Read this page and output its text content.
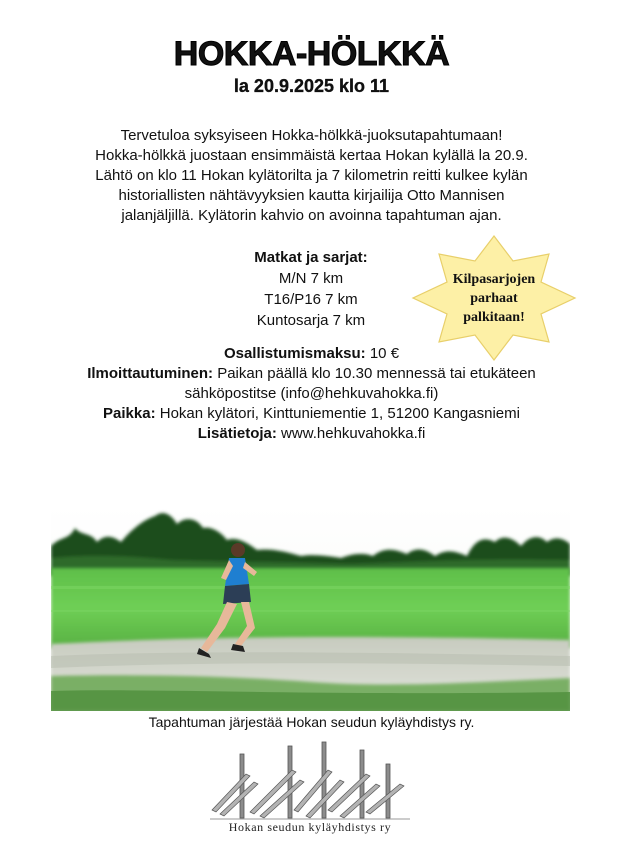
HOKKA-HÖLKKÄ
la 20.9.2025 klo 11
Tervetuloa syksyiseen Hokka-hölkkä-juoksutapahtumaan!
Hokka-hölkkä juostaan ensimmäistä kertaa Hokan kylällä la 20.9.
Lähtö on klo 11 Hokan kylätorilta ja 7 kilometrin reitti kulkee kylän
historiallisten nähtävyyksien kautta kirjailija Otto Mannisen
jalanjäljillä. Kylätorin kahvio on avoinna tapahtuman ajan.
Matkat ja sarjat:
M/N 7 km
T16/P16 7 km
Kuntosarja 7 km
Kilpasarjojen
parhaat
palkitaan!
Osallistumismaksu: 10 €
Ilmoittautuminen: Paikan päällä klo 10.30 mennessä tai etukäteen
sähköpostitse (info@hehkuvahokka.fi)
Paikka: Hokan kylätori, Kinttuniementie 1, 51200 Kangasniemi
Lisätietoja: www.hehkuvahokka.fi
Tapahtuman järjestää Hokan seudun kyläyhdistys ry.
Hokan seudun kyläyhdistys ry
